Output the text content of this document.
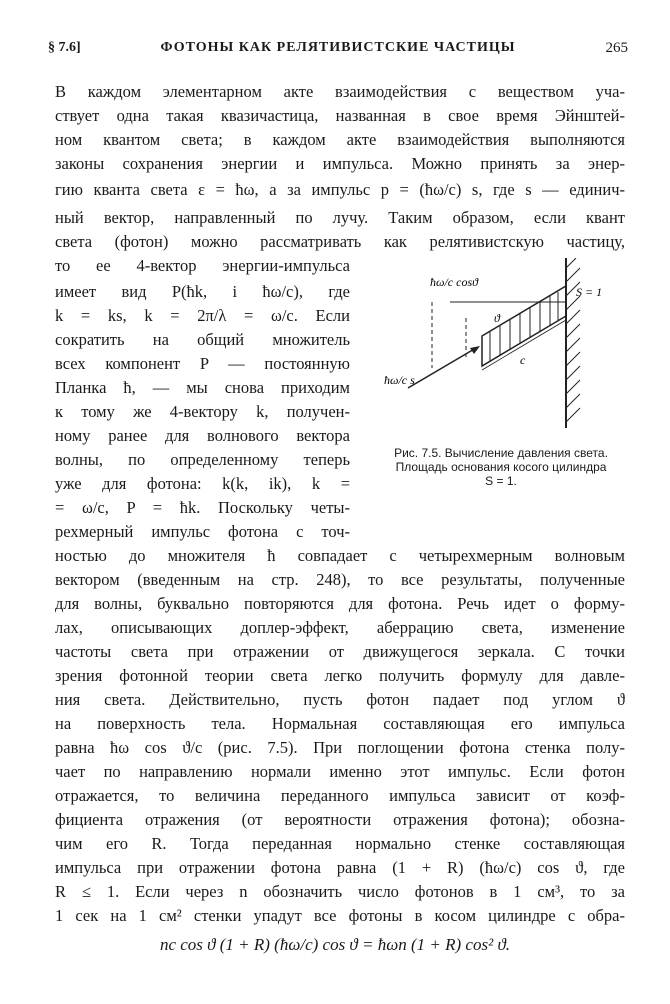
§ 7.6]	ФОТОНЫ КАК РЕЛЯТИВИСТСКИЕ ЧАСТИЦЫ	265
В каждом элементарном акте взаимодействия с веществом уча-
ствует одна такая квазичастица, названная в свое время Эйнштей-
ном квантом света; в каждом акте взаимодействия выполняются
законы сохранения энергии и импульса. Можно принять за энер-
гию кванта света ε = ħω, а за импульс p = (ħω/c) s, где s — единич-
ный вектор, направленный по лучу. Таким образом, если квант
света (фотон) можно рассматривать как релятивистскую частицу,
то ее 4-вектор энергии-импульса
имеет вид P(ħk, i ħω/c), где
k = ks, k = 2π/λ = ω/c. Если
сократить на общий множитель
всех компонент P — постоянную
Планка ħ, — мы снова приходим
к тому же 4-вектору k, получен-
ному ранее для волнового вектора
волны, по определенному теперь
уже для фотона: k(k, ik), k =
= ω/c, P = ħk. Поскольку четы-
рехмерный импульс фотона с точ-
ностью до множителя ħ совпадает с четырехмерным волновым
вектором (введенным на стр. 248), то все результаты, полученные
для волны, буквально повторяются для фотона. Речь идет о форму-
лах, описывающих доплер-эффект, аберрацию света, изменение
частоты света при отражении от движущегося зеркала. С точки
зрения фотонной теории света легко получить формулу для давле-
ния света. Действительно, пусть фотон падает под углом ϑ
на поверхность тела. Нормальная составляющая его импульса
равна ħω cos ϑ/c (рис. 7.5). При поглощении фотона стенка полу-
чает по направлению нормали именно этот импульс. Если фотон
отражается, то величина переданного импульса зависит от коэф-
фициента отражения (от вероятности отражения фотона); обозна-
чим его R. Тогда переданная нормально стенке составляющая
импульса при отражении фотона равна (1 + R) (ħω/c) cos ϑ, где
R ≤ 1. Если через n обозначить число фотонов в 1 см³, то за
1 сек на 1 см² стенки упадут все фотоны в косом цилиндре с обра-
ħω/c cosϑ
ħω/c s
S = 1
ϑ
c
Рис. 7.5. Вычисление давления света.
Площадь основания косого цилиндра
S = 1.
nc cos ϑ (1 + R) (ħω/c) cos ϑ = ħωn (1 + R) cos² ϑ.
